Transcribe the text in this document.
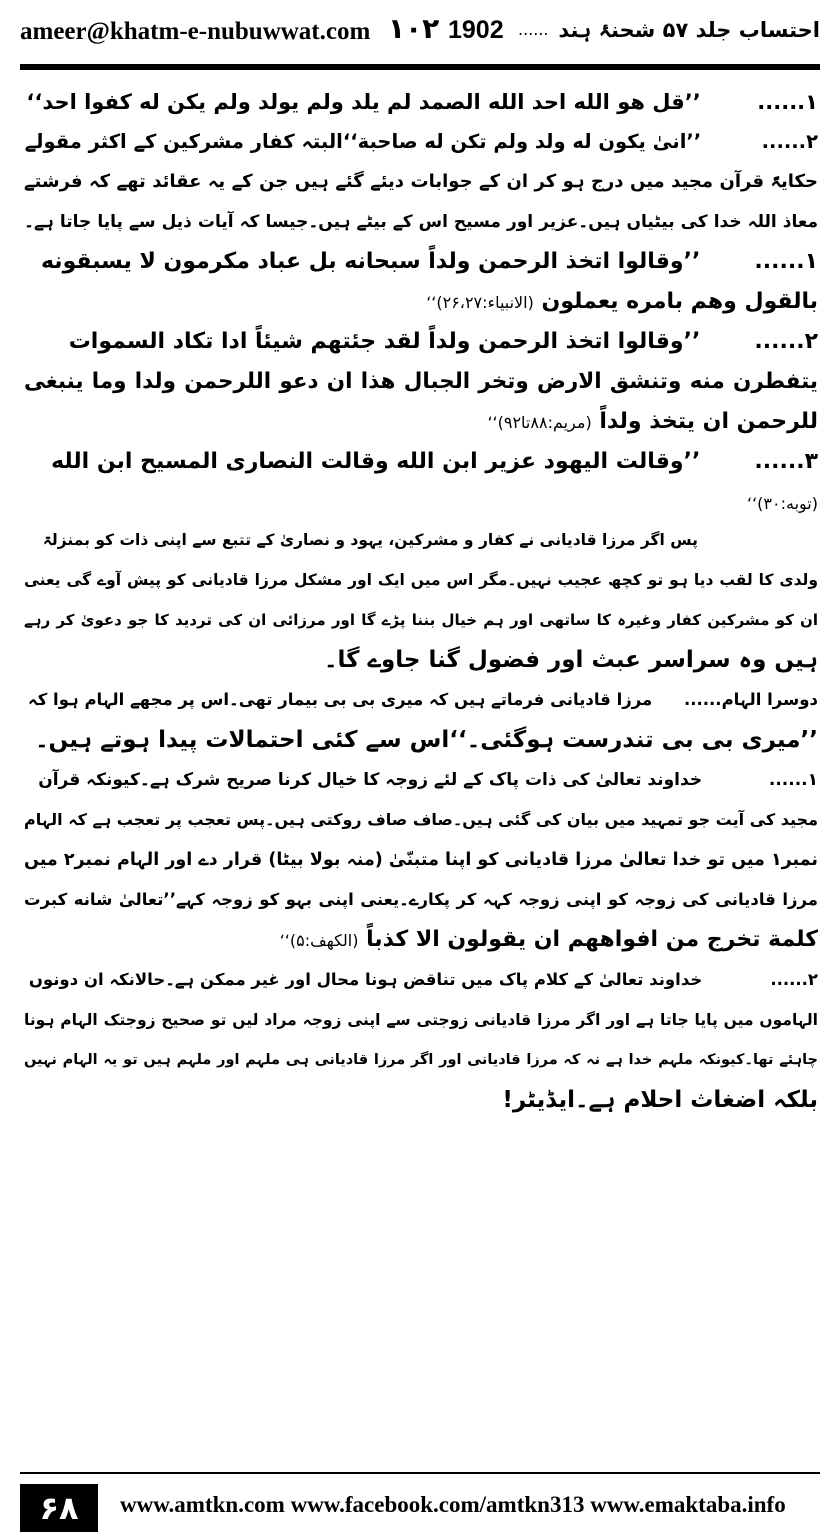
ameer@khatm-e-nubuwwat.com ۱۰۲ 1902 ...... احتساب جلد ۵۷ شحنۂ ہند
۱...... ’’قل هو الله احد الله الصمد لم یلد ولم یولد ولم یکن له کفوا احد‘‘
۲...... ’’انیٰ یکون له ولد ولم تکن له صاحبة‘‘البتہ کفار مشرکین کے اکثر مقولے
حکایۃً قرآن مجید میں درج ہو کر ان کے جوابات دیئے گئے ہیں جن کے یہ عقائد تھے کہ فرشتے
معاذ اللہ خدا کی بیٹیاں ہیں۔عزیر اور مسیح اس کے بیٹے ہیں۔جیسا کہ آیات ذیل سے پایا جاتا ہے۔
۱...... ’’وقالوا اتخذ الرحمن ولداً سبحانه بل عباد مکرمون لا یسبقونه
بالقول وهم بامره یعملون (الانبیاء:۲۶،۲۷)‘‘
۲...... ’’وقالوا اتخذ الرحمن ولداً لقد جئتهم شیئاً ادا تکاد السموات
یتفطرن منه وتنشق الارض وتخر الجبال هذا ان دعو اللرحمن ولدا وما ینبغی
للرحمن ان یتخذ ولداً (مریم:۸۸تا۹۲)‘‘
۳...... ’’وقالت الیهود عزیر ابن الله وقالت النصاری المسیح ابن الله
(توبه:۳۰)‘‘
پس اگر مرزا قادیانی نے کفار و مشرکین، یہود و نصاریٰ کے تتبع سے اپنی ذات کو بمنزلۃ
ولدی کا لقب دیا ہو تو کچھ عجیب نہیں۔مگر اس میں ایک اور مشکل مرزا قادیانی کو پیش آوے گی یعنی
ان کو مشرکین کفار وغیرہ کا ساتھی اور ہم خیال بننا پڑے گا اور مرزائی ان کی تردید کا جو دعویٰ کر رہے
ہیں وہ سراسر عبث اور فضول گنا جاوے گا۔
دوسرا الہام...... مرزا قادیانی فرماتے ہیں کہ میری بی بی بیمار تھی۔اس پر مجھے الہام ہوا کہ
’’میری بی بی تندرست ہوگئی۔‘‘اس سے کئی احتمالات پیدا ہوتے ہیں۔
۱...... خداوند تعالیٰ کی ذات پاک کے لئے زوجہ کا خیال کرنا صریح شرک ہے۔کیونکہ قرآن
مجید کی آیت جو تمہید میں بیان کی گئی ہیں۔صاف صاف روکتی ہیں۔پس تعجب پر تعجب ہے کہ الہام
نمبر۱ میں تو خدا تعالیٰ مرزا قادیانی کو اپنا متبنّیٰ (منہ بولا بیٹا) قرار دے اور الہام نمبر۲ میں
مرزا قادیانی کی زوجہ کو اپنی زوجہ کہہ کر پکارے۔یعنی اپنی بہو کو زوجہ کہے’’تعالیٰ شانه کبرت
کلمة تخرج من افواههم ان یقولون الا کذباً (الکهف:۵)‘‘
۲...... خداوند تعالیٰ کے کلام پاک میں تناقض ہونا محال اور غیر ممکن ہے۔حالانکہ ان دونوں
الہاموں میں پایا جاتا ہے اور اگر مرزا قادیانی زوجتی سے اپنی زوجہ مراد لیں تو صحیح زوجتک الہام ہونا
چاہئے تھا۔کیونکہ ملہم خدا ہے نہ کہ مرزا قادیانی اور اگر مرزا قادیانی ہی ملہم اور ملہم ہیں تو یہ الہام نہیں
بلکہ اضغاث احلام ہے۔ایڈیٹر!
۶۸	www.amtkn.com www.facebook.com/amtkn313 www.emaktaba.info
